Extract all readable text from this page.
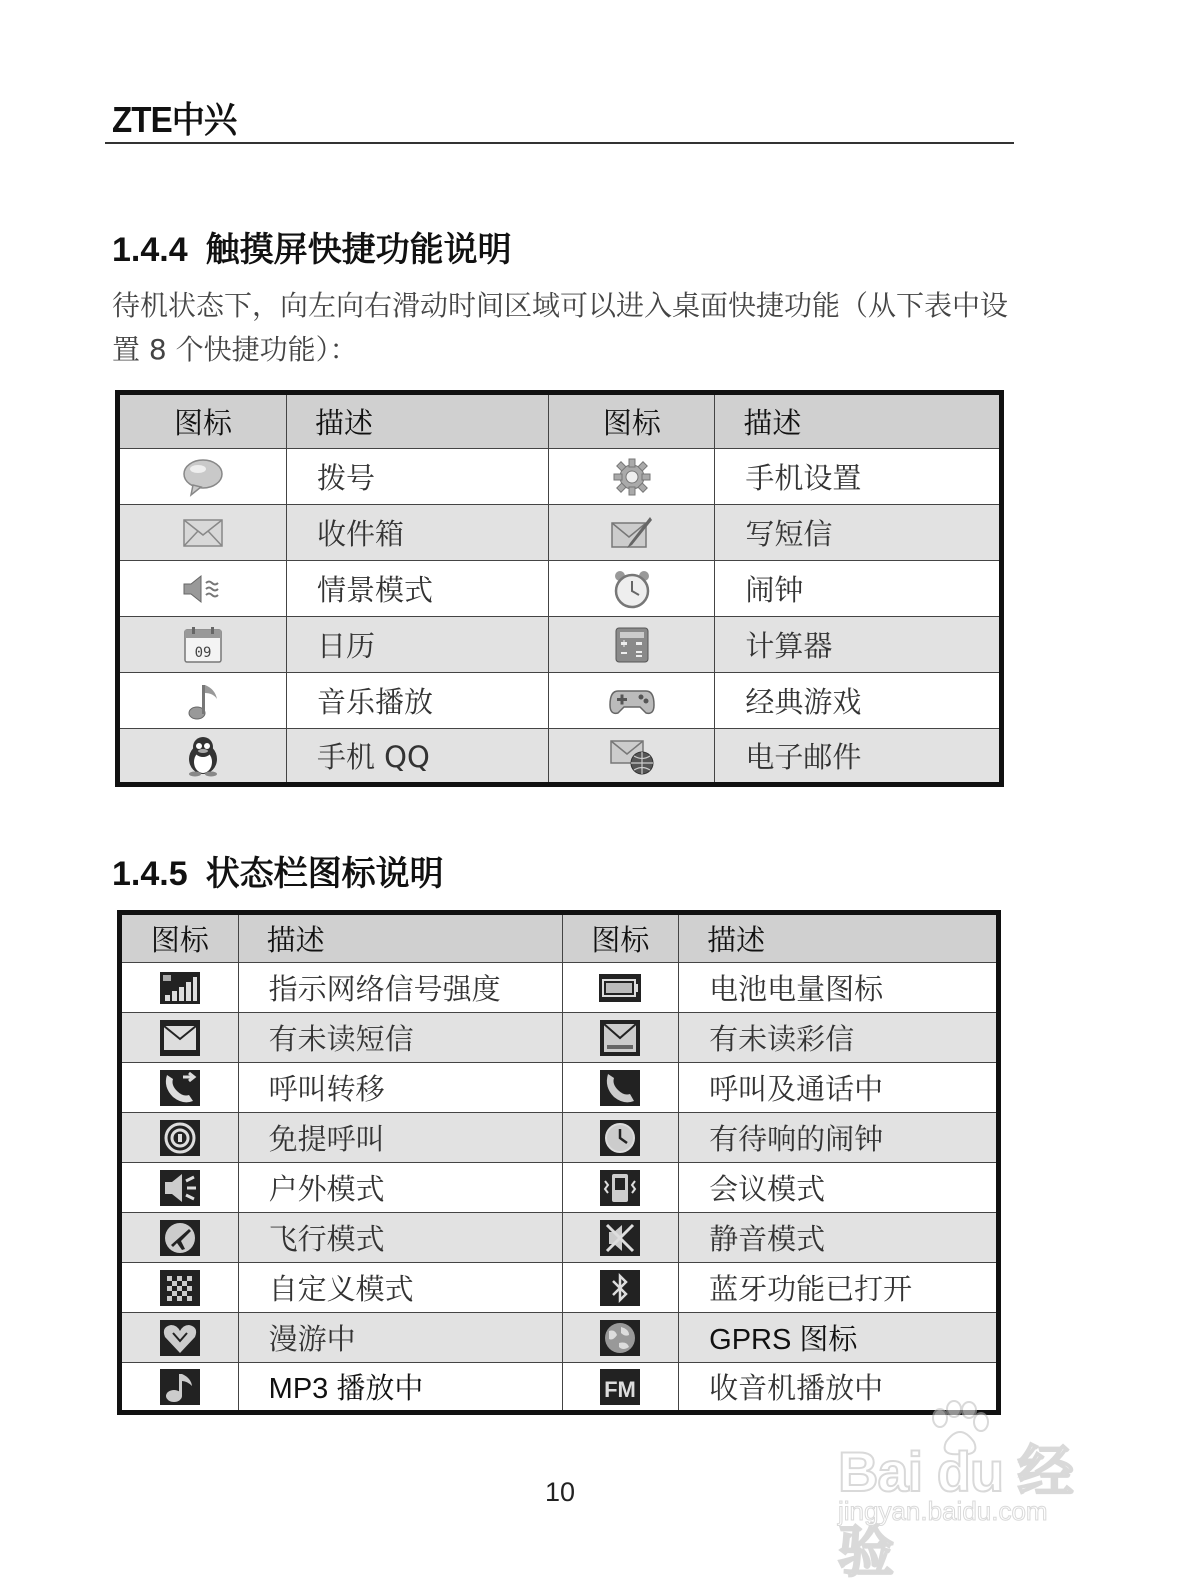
ZTE中兴
1.4.4 触摸屏快捷功能说明

待机状态下，向左向右滑动时间区域可以进入桌面快捷功能（从下表中设置 8 个快捷功能）：

图标	描述	图标	描述
	拨号		手机设置
	收件箱		写短信
	情景模式		闹钟

09	日历		计算器
	音乐播放		经典游戏
	手机 QQ		电子邮件
1.4.5 状态栏图标说明
图标	描述	图标	描述
	指示网络信号强度		电池电量图标
	有未读短信		有未读彩信
	呼叫转移		呼叫及通话中
	免提呼叫		有待响的闹钟
	户外模式		会议模式
	飞行模式		静音模式
	自定义模式		蓝牙功能已打开
	漫游中		GPRS 图标
	MP3 播放中	FM	收音机播放中

10	Bai du 经验
jingyan.baidu.com
